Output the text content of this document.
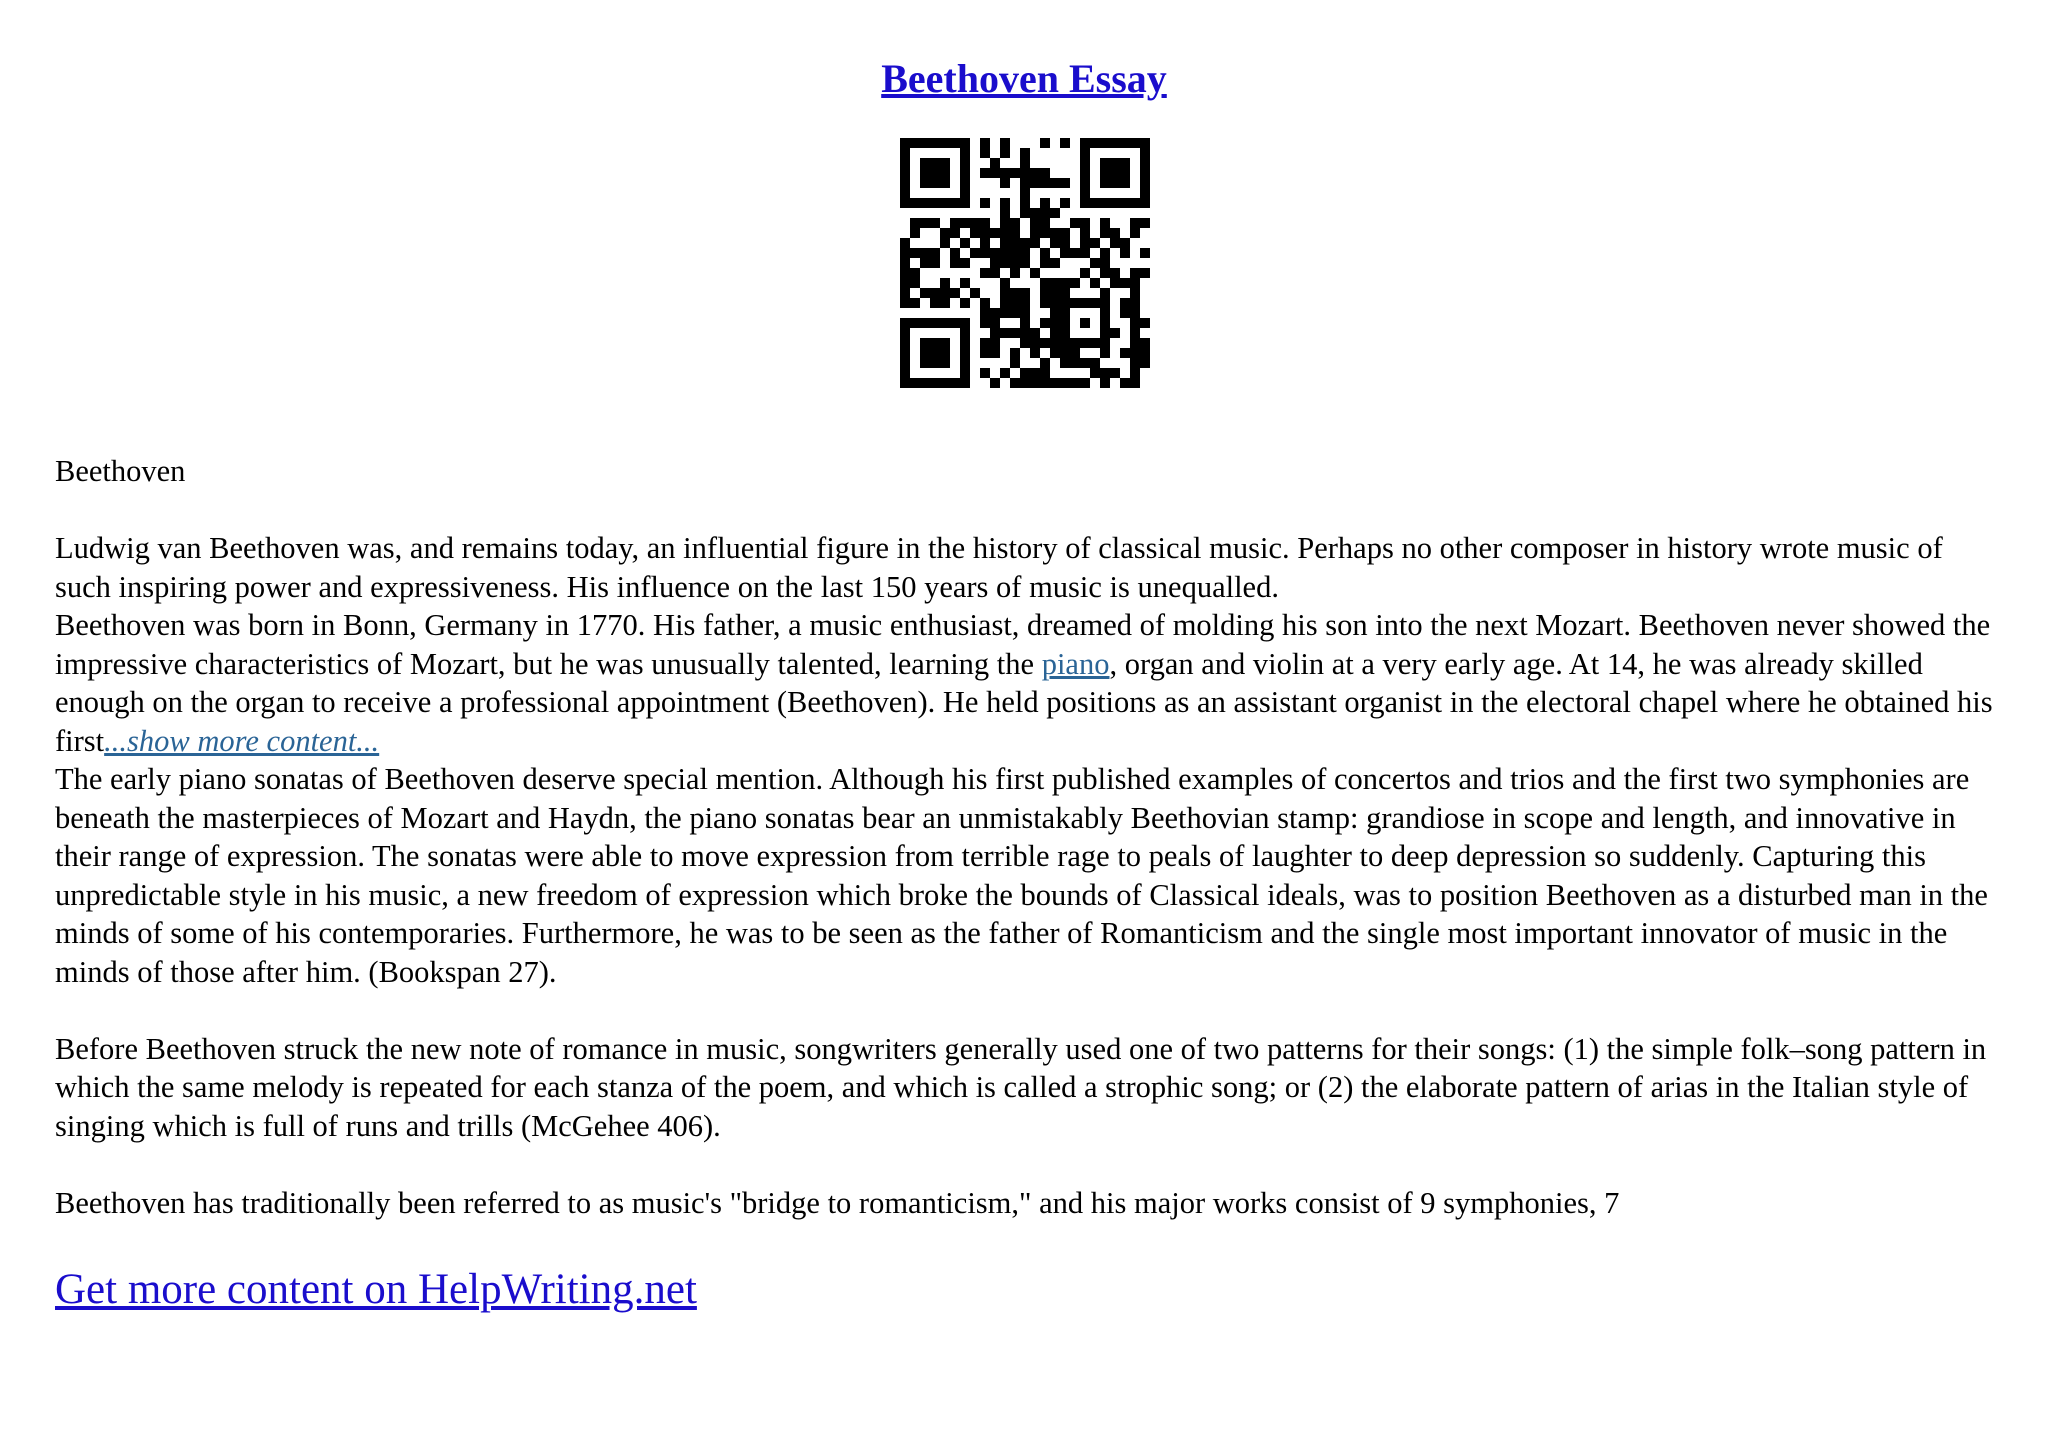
Beethoven Essay

Beethoven

Ludwig van Beethoven was, and remains today, an influential figure in the history of classical music. Perhaps no other composer in history wrote music of such inspiring power and expressiveness. His influence on the last 150 years of music is unequalled.

Beethoven was born in Bonn, Germany in 1770. His father, a music enthusiast, dreamed of molding his son into the next Mozart. Beethoven never showed the impressive characteristics of Mozart, but he was unusually talented, learning the piano, organ and violin at a very early age. At 14, he was already skilled enough on the organ to receive a professional appointment (Beethoven). He held positions as an assistant organist in the electoral chapel where he obtained his first...show more content...

The early piano sonatas of Beethoven deserve special mention. Although his first published examples of concertos and trios and the first two symphonies are beneath the masterpieces of Mozart and Haydn, the piano sonatas bear an unmistakably Beethovian stamp: grandiose in scope and length, and innovative in their range of expression. The sonatas were able to move expression from terrible rage to peals of laughter to deep depression so suddenly. Capturing this unpredictable style in his music, a new freedom of expression which broke the bounds of Classical ideals, was to position Beethoven as a disturbed man in the minds of some of his contemporaries. Furthermore, he was to be seen as the father of Romanticism and the single most important innovator of music in the minds of those after him. (Bookspan 27).

Before Beethoven struck the new note of romance in music, songwriters generally used one of two patterns for their songs: (1) the simple folk–song pattern in which the same melody is repeated for each stanza of the poem, and which is called a strophic song; or (2) the elaborate pattern of arias in the Italian style of singing which is full of runs and trills (McGehee 406).

Beethoven has traditionally been referred to as music's "bridge to romanticism," and his major works consist of 9 symphonies, 7

Get more content on HelpWriting.net
